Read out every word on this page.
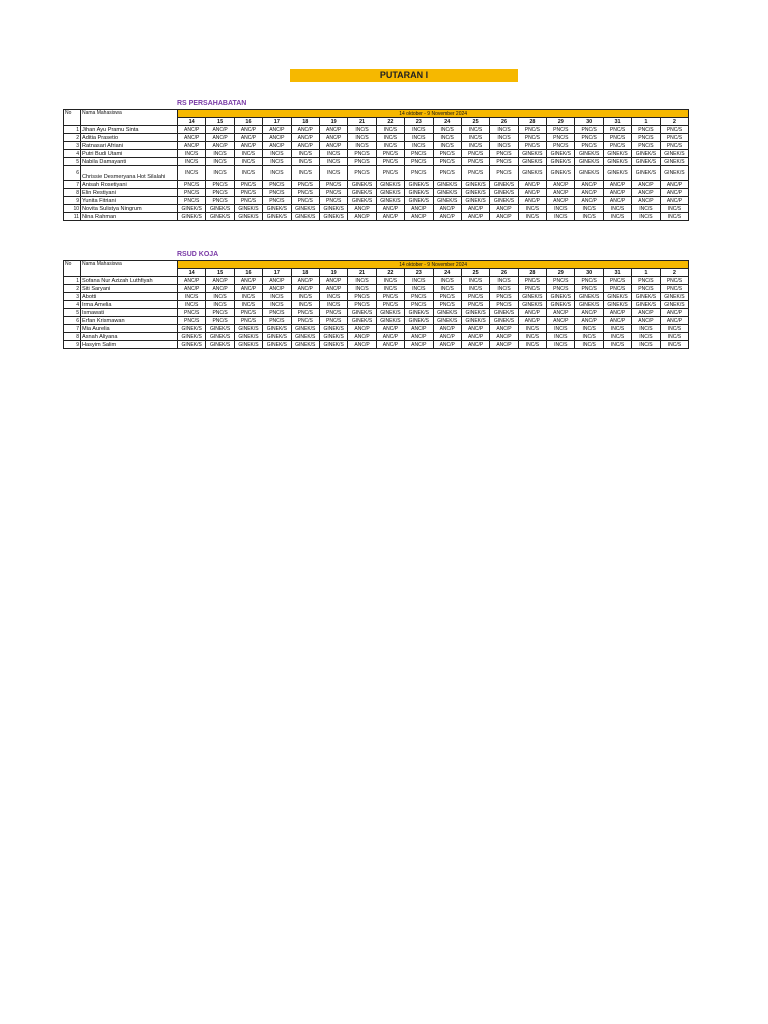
PUTARAN I
RS PERSAHABATAN
No	Nama Mahasiswa	14 oktober - 9 November 2024																	
		14	15	16	17	18	19	21	22	23	24	25	26	28	29	30	31	1	2
1	Jihan Ayu Pramu Sinta	ANC/P	ANC/P	ANC/P	ANC/P	ANC/P	ANC/P	INC/S	INC/S	INC/S	INC/S	INC/S	INC/S	PNC/S	PNC/S	PNC/S	PNC/S	PNC/S	PNC/S
2	Aditia Prasetio	ANC/P	ANC/P	ANC/P	ANC/P	ANC/P	ANC/P	INC/S	INC/S	INC/S	INC/S	INC/S	INC/S	PNC/S	PNC/S	PNC/S	PNC/S	PNC/S	PNC/S
3	Ratnasari Afriani	ANC/P	ANC/P	ANC/P	ANC/P	ANC/P	ANC/P	INC/S	INC/S	INC/S	INC/S	INC/S	INC/S	PNC/S	PNC/S	PNC/S	PNC/S	PNC/S	PNC/S
4	Putri Budi Utami	INC/S	INC/S	INC/S	INC/S	INC/S	INC/S	PNC/S	PNC/S	PNC/S	PNC/S	PNC/S	PNC/S	GINEK/S	GINEK/S	GINEK/S	GINEK/S	GINEK/S	GINEK/S
5	Nabila Damayanti	INC/S	INC/S	INC/S	INC/S	INC/S	INC/S	PNC/S	PNC/S	PNC/S	PNC/S	PNC/S	PNC/S	GINEK/S	GINEK/S	GINEK/S	GINEK/S	GINEK/S	GINEK/S
6	Chrissie Desmeryana Hot Silalahi	INC/S	INC/S	INC/S	INC/S	INC/S	INC/S	PNC/S	PNC/S	PNC/S	PNC/S	PNC/S	PNC/S	GINEK/S	GINEK/S	GINEK/S	GINEK/S	GINEK/S	GINEK/S
7	Anisah Rosetiyani	PNC/S	PNC/S	PNC/S	PNC/S	PNC/S	PNC/S	GINEK/S	GINEK/S	GINEK/S	GINEK/S	GINEK/S	GINEK/S	ANC/P	ANC/P	ANC/P	ANC/P	ANC/P	ANC/P
8	Elin Restiyani	PNC/S	PNC/S	PNC/S	PNC/S	PNC/S	PNC/S	GINEK/S	GINEK/S	GINEK/S	GINEK/S	GINEK/S	GINEK/S	ANC/P	ANC/P	ANC/P	ANC/P	ANC/P	ANC/P
9	Yunita Fitriani	PNC/S	PNC/S	PNC/S	PNC/S	PNC/S	PNC/S	GINEK/S	GINEK/S	GINEK/S	GINEK/S	GINEK/S	GINEK/S	ANC/P	ANC/P	ANC/P	ANC/P	ANC/P	ANC/P
10	Novita Sulistya Ningrum	GINEK/S	GINEK/S	GINEK/S	GINEK/S	GINEK/S	GINEK/S	ANC/P	ANC/P	ANC/P	ANC/P	ANC/P	ANC/P	INC/S	INC/S	INC/S	INC/S	INC/S	INC/S
11	Nina Rahman	GINEK/S	GINEK/S	GINEK/S	GINEK/S	GINEK/S	GINEK/S	ANC/P	ANC/P	ANC/P	ANC/P	ANC/P	ANC/P	INC/S	INC/S	INC/S	INC/S	INC/S	INC/S
RSUD KOJA
No	Nama Mahasiswa	14 oktober - 9 November 2024																	
		14	15	16	17	18	19	21	22	23	24	25	26	28	29	30	31	1	2
1	Sofana Nur Azizah Luthfiyah	ANC/P	ANC/P	ANC/P	ANC/P	ANC/P	ANC/P	INC/S	INC/S	INC/S	INC/S	INC/S	INC/S	PNC/S	PNC/S	PNC/S	PNC/S	PNC/S	PNC/S
2	Siti Saryani	ANC/P	ANC/P	ANC/P	ANC/P	ANC/P	ANC/P	INC/S	INC/S	INC/S	INC/S	INC/S	INC/S	PNC/S	PNC/S	PNC/S	PNC/S	PNC/S	PNC/S
3	Abotti	INC/S	INC/S	INC/S	INC/S	INC/S	INC/S	PNC/S	PNC/S	PNC/S	PNC/S	PNC/S	PNC/S	GINEK/S	GINEK/S	GINEK/S	GINEK/S	GINEK/S	GINEK/S
4	Irma Amelia	INC/S	INC/S	INC/S	INC/S	INC/S	INC/S	PNC/S	PNC/S	PNC/S	PNC/S	PNC/S	PNC/S	GINEK/S	GINEK/S	GINEK/S	GINEK/S	GINEK/S	GINEK/S
5	Ismawati	PNC/S	PNC/S	PNC/S	PNC/S	PNC/S	PNC/S	GINEK/S	GINEK/S	GINEK/S	GINEK/S	GINEK/S	GINEK/S	ANC/P	ANC/P	ANC/P	ANC/P	ANC/P	ANC/P
6	Erfan Krismawan	PNC/S	PNC/S	PNC/S	PNC/S	PNC/S	PNC/S	GINEK/S	GINEK/S	GINEK/S	GINEK/S	GINEK/S	GINEK/S	ANC/P	ANC/P	ANC/P	ANC/P	ANC/P	ANC/P
7	Mia Aurelia	GINEK/S	GINEK/S	GINEK/S	GINEK/S	GINEK/S	GINEK/S	ANC/P	ANC/P	ANC/P	ANC/P	ANC/P	ANC/P	INC/S	INC/S	INC/S	INC/S	INC/S	INC/S
8	Asnah Aliyana	GINEK/S	GINEK/S	GINEK/S	GINEK/S	GINEK/S	GINEK/S	ANC/P	ANC/P	ANC/P	ANC/P	ANC/P	ANC/P	INC/S	INC/S	INC/S	INC/S	INC/S	INC/S
9	Hasyim Salim	GINEK/S	GINEK/S	GINEK/S	GINEK/S	GINEK/S	GINEK/S	ANC/P	ANC/P	ANC/P	ANC/P	ANC/P	ANC/P	INC/S	INC/S	INC/S	INC/S	INC/S	INC/S
